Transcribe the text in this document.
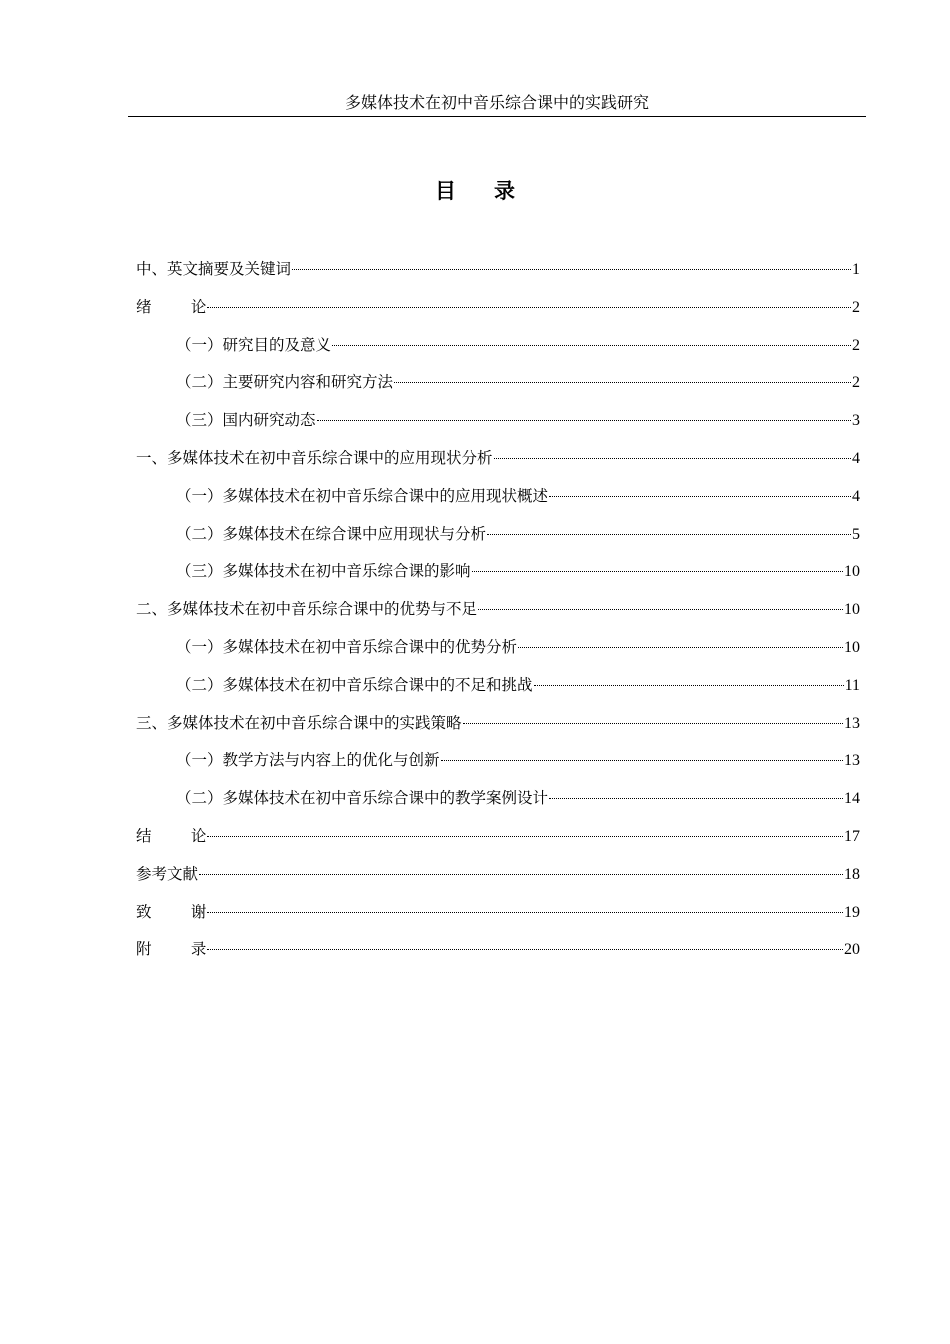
多媒体技术在初中音乐综合课中的实践研究
目录
中、英文摘要及关键词	1
绪        论	2
（一）研究目的及意义	2
（二）主要研究内容和研究方法	2
（三）国内研究动态	3
一、多媒体技术在初中音乐综合课中的应用现状分析	4
（一）多媒体技术在初中音乐综合课中的应用现状概述	4
（二）多媒体技术在综合课中应用现状与分析	5
（三）多媒体技术在初中音乐综合课的影响	10
二、多媒体技术在初中音乐综合课中的优势与不足	10
（一）多媒体技术在初中音乐综合课中的优势分析	10
（二）多媒体技术在初中音乐综合课中的不足和挑战	11
三、多媒体技术在初中音乐综合课中的实践策略	13
（一）教学方法与内容上的优化与创新	13
（二）多媒体技术在初中音乐综合课中的教学案例设计	14
结        论	17
参考文献	18
致        谢	19
附        录	20
